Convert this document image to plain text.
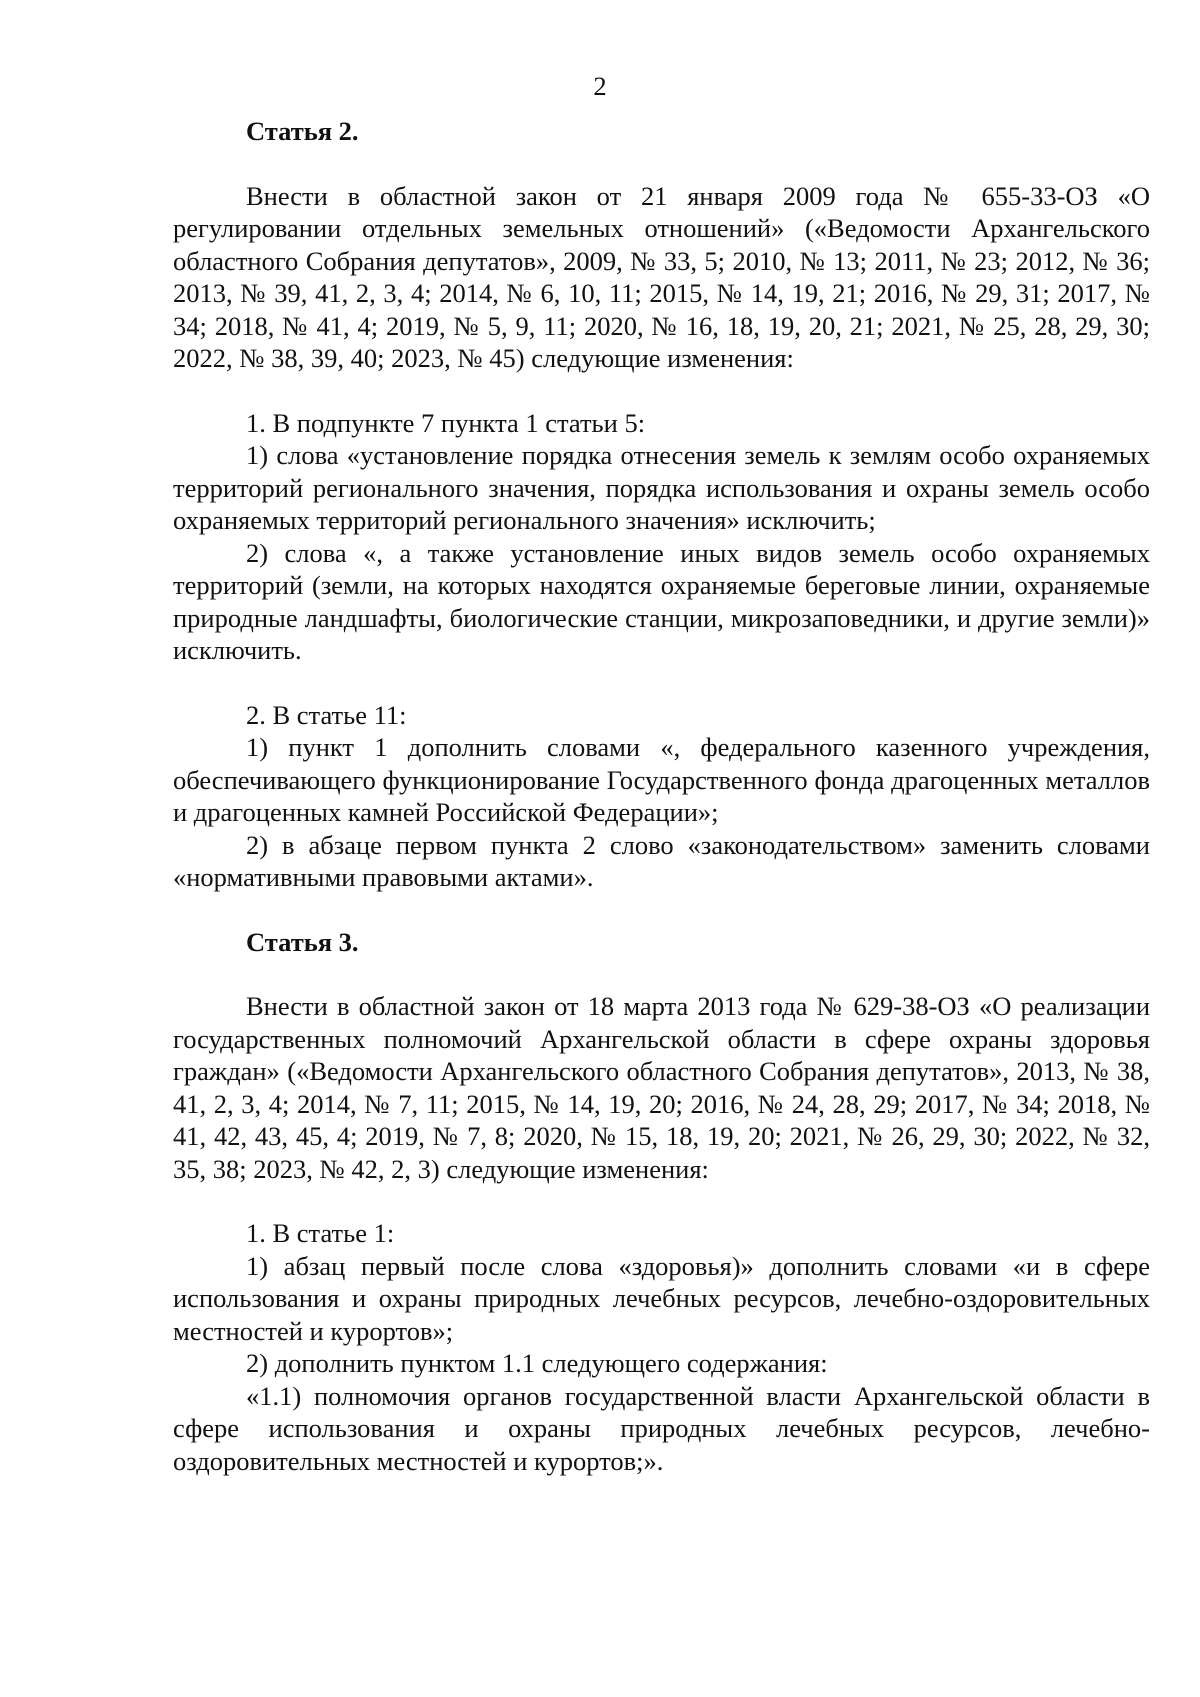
2

Статья 2.

Внести в областной закон от 21 января 2009 года № 655-33-ОЗ «О регулировании отдельных земельных отношений» («Ведомости Архангельского областного Собрания депутатов», 2009, № 33, 5; 2010, № 13; 2011, № 23; 2012, № 36; 2013, № 39, 41, 2, 3, 4; 2014, № 6, 10, 11; 2015, № 14, 19, 21; 2016, № 29, 31; 2017, № 34; 2018, № 41, 4; 2019, № 5, 9, 11; 2020, № 16, 18, 19, 20, 21; 2021, № 25, 28, 29, 30; 2022, № 38, 39, 40; 2023, № 45) следующие изменения:

1. В подпункте 7 пункта 1 статьи 5:

1) слова «установление порядка отнесения земель к землям особо охраняемых территорий регионального значения, порядка использования и охраны земель особо охраняемых территорий регионального значения» исключить;

2) слова «, а также установление иных видов земель особо охраняемых территорий (земли, на которых находятся охраняемые береговые линии, охраняемые природные ландшафты, биологические станции, микрозаповедники, и другие земли)» исключить.

2. В статье 11:

1) пункт 1 дополнить словами «, федерального казенного учреждения, обеспечивающего функционирование Государственного фонда драгоценных металлов и драгоценных камней Российской Федерации»;

2) в абзаце первом пункта 2 слово «законодательством» заменить словами «нормативными правовыми актами».

Статья 3.

Внести в областной закон от 18 марта 2013 года № 629-38-ОЗ «О реализации государственных полномочий Архангельской области в сфере охраны здоровья граждан» («Ведомости Архангельского областного Собрания депутатов», 2013, № 38, 41, 2, 3, 4; 2014, № 7, 11; 2015, № 14, 19, 20; 2016, № 24, 28, 29; 2017, № 34; 2018, № 41, 42, 43, 45, 4; 2019, № 7, 8; 2020, № 15, 18, 19, 20; 2021, № 26, 29, 30; 2022, № 32, 35, 38; 2023, № 42, 2, 3) следующие изменения:

1. В статье 1:

1) абзац первый после слова «здоровья)» дополнить словами «и в сфере использования и охраны природных лечебных ресурсов, лечебно-оздоровительных местностей и курортов»;

2) дополнить пунктом 1.1 следующего содержания:

«1.1) полномочия органов государственной власти Архангельской области в сфере использования и охраны природных лечебных ресурсов, лечебно-оздоровительных местностей и курортов;».
